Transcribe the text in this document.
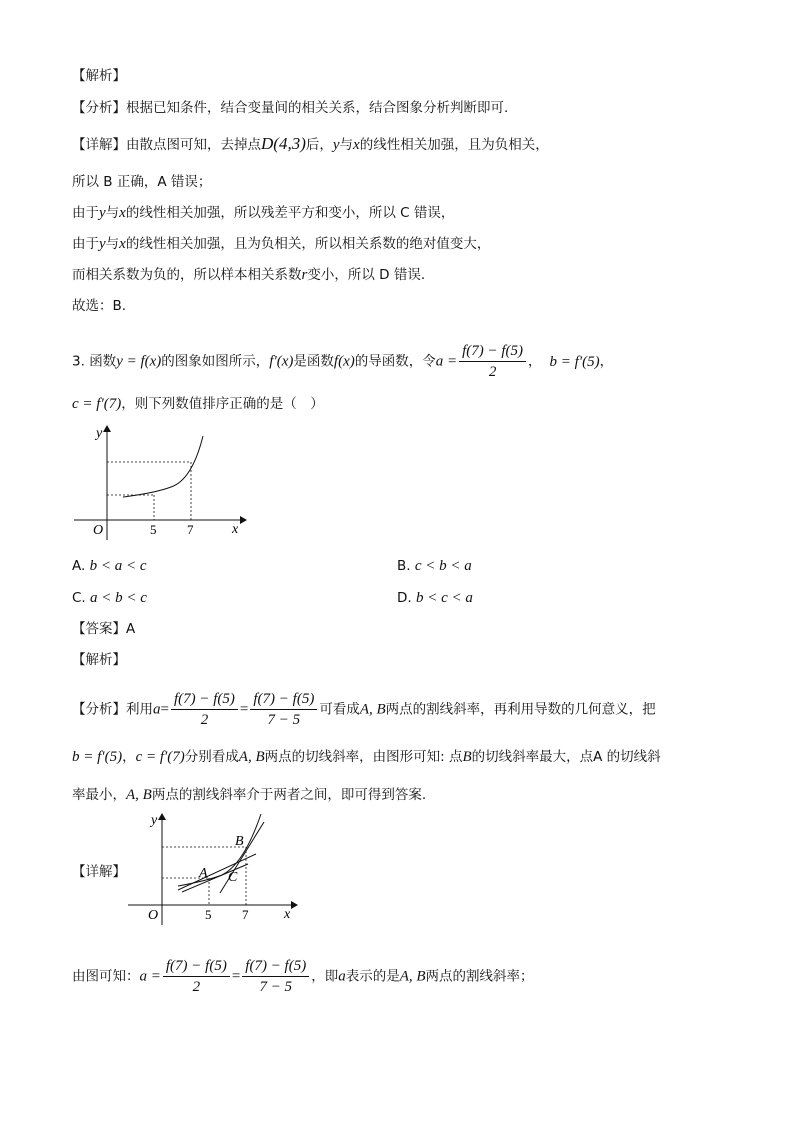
【解析】
【分析】根据已知条件，结合变量间的相关关系，结合图象分析判断即可.
【详解】由散点图可知，去掉点D(4,3)后，y与x的线性相关加强，且为负相关，
所以 B 正确，A 错误；
由于y与x的线性相关加强，所以残差平方和变小，所以 C 错误，
由于y与x的线性相关加强，且为负相关，所以相关系数的绝对值变大，
而相关系数为负的，所以样本相关系数r变小，所以 D 错误.
故选：B.
3. 函数y = f(x)的图象如图所示，f′(x)是函数f(x)的导函数，令$a = \frac{f(7) - f(5)}{2}$ ， b = f′(5)，
c = f′(7)，则下列数值排序正确的是（　）
y
O	5 7	x
A. b < a < c	B. c < b < a
C. a < b < c	D. b < c < a
【答案】A
【解析】
【分析】利用$a= \frac{f(7) - f(5)}{2} = \frac{f(7) - f(5)}{7 - 5}$ 可看成A, B两点的割线斜率，再利用导数的几何意义，把
b = f′(5)，c = f′(7)分别看成A, B两点的切线斜率，由图形可知: 点B的切线斜率最大，点A 的切线斜
率最小，A, B两点的割线斜率介于两者之间，即可得到答案.
【详解】
y
O	5 7	x
A
B
C
由图可知：$a = \frac{f(7) - f(5)}{2} = \frac{f(7) - f(5)}{7 - 5}$ ，即a表示的是A, B两点的割线斜率；
